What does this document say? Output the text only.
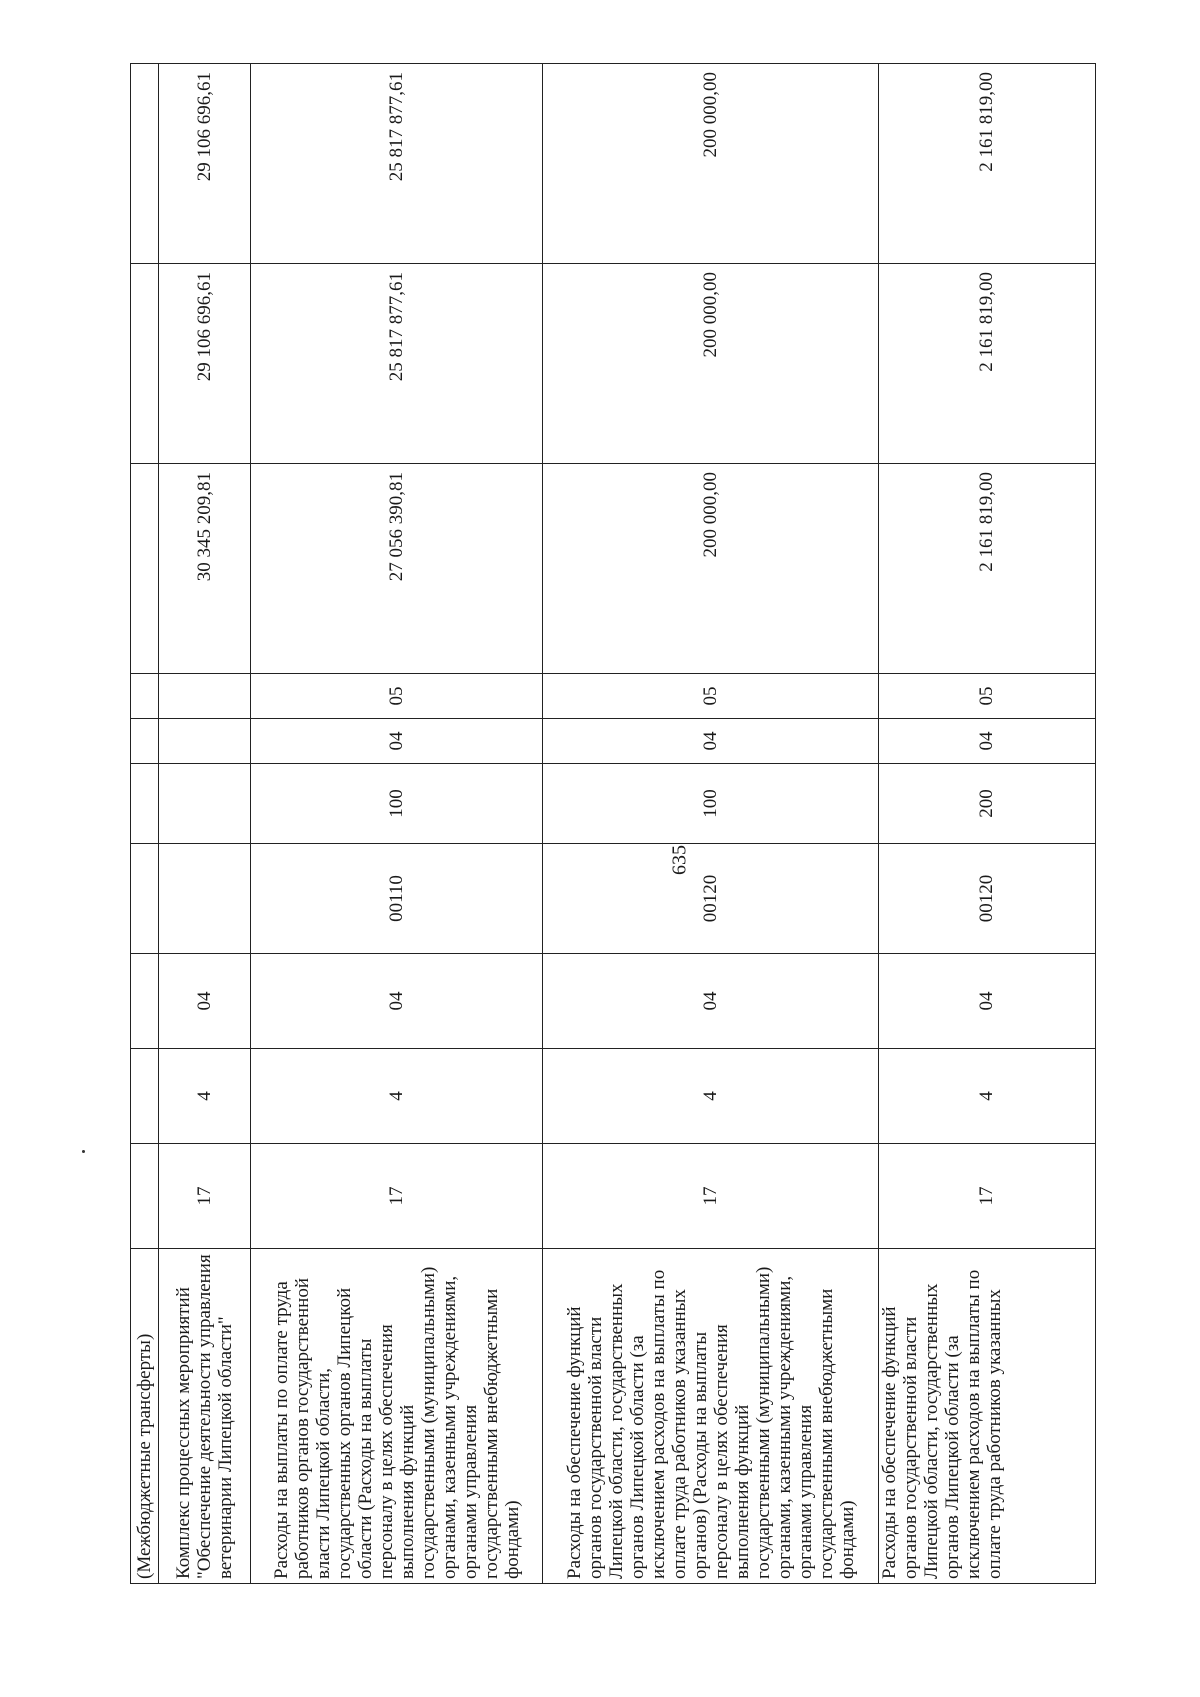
635
(Межбюджетные трансферты)										
Комплекс процессных мероприятий "Обеспечение деятельности управления ветеринарии Липецкой области"	17	4	04					30 345 209,81	29 106 696,61	29 106 696,61
Расходы на выплаты по оплате труда работников органов государственной власти Липецкой области, государственных органов Липецкой области (Расходы на выплаты персоналу в целях обеспечения выполнения функций государственными (муниципальными) органами, казенными учреждениями, органами управления государственными внебюджетными фондами)	17	4	04	00110	100	04	05	27 056 390,81	25 817 877,61	25 817 877,61
Расходы на обеспечение функций органов государственной власти Липецкой области, государственных органов Липецкой области (за исключением расходов на выплаты по оплате труда работников указанных органов) (Расходы на выплаты персоналу в целях обеспечения выполнения функций государственными (муниципальными) органами, казенными учреждениями, органами управления государственными внебюджетными фондами)	17	4	04	00120	100	04	05	200 000,00	200 000,00	200 000,00
Расходы на обеспечение функций органов государственной власти Липецкой области, государственных органов Липецкой области (за исключением расходов на выплаты по оплате труда работников указанных	17	4	04	00120	200	04	05	2 161 819,00	2 161 819,00	2 161 819,00
